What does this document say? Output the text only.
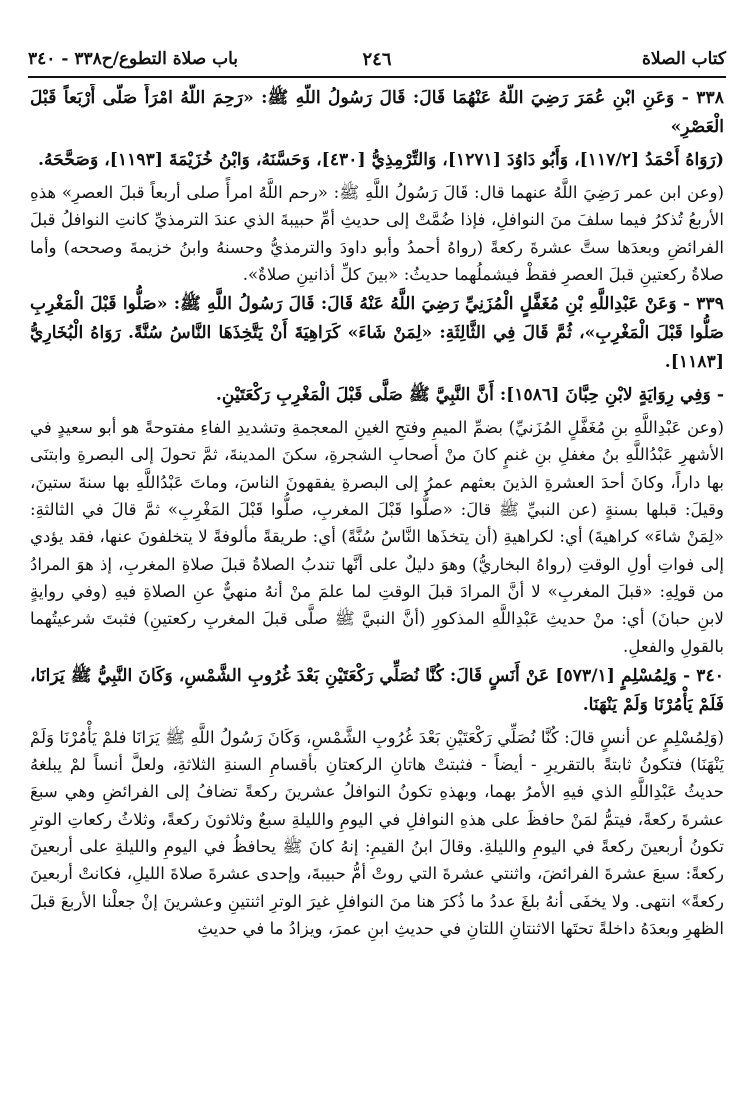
كتاب الصلاة
٢٤٦
باب صلاة التطوع/ح٣٣٨ - ٣٤٠

٣٣٨ - وَعَنِ ابْنِ عُمَرَ رَضِيَ اللَّهُ عَنْهُمَا قَالَ: قَالَ رَسُولُ اللَّهِ ﷺ: «رَحِمَ اللَّهُ امْرَأً صَلَّى أَرْبَعاً قَبْلَ الْعَصْرِ»

(رَوَاهُ أَحْمَدُ [١١٧/٢]، وَأَبُو دَاوُدَ [١٢٧١]، وَالتِّرْمِذِيُّ [٤٣٠]، وَحَسَّنَهُ، وَابْنُ خُزَيْمَةَ [١١٩٣]، وَصَحَّحَهُ.

(وعن ابن عمر رَضِيَ اللَّهُ عنهما قال: قَالَ رَسُولُ اللَّهِ ﷺ: «رحم اللَّهُ امرأً صلى أربعاً قبلَ العصرِ» هذهِ الأربعُ تُذكرُ فيما سلفَ منَ النوافلِ، فإذا ضُمَّتْ إلى حديثِ أمِّ حبيبةَ الذي عندَ الترمذيِّ كانتِ النوافلُ قبلَ الفرائضِ وبعدَها ستَّ عشرةَ ركعةً (رواهُ أحمدُ وأبو داودَ والترمذيُّ وحسنهُ وابنُ خزيمةَ وصححه) وأما صلاةُ ركعتينِ قبلَ العصرِ فقطْ فيشملُهما حديثُ: «بينَ كلِّ أذانينِ صلاةٌ».

٣٣٩ - وَعَنْ عَبْدِاللَّهِ بْنِ مُغَفَّلٍ الْمُزَنِيِّ رَضِيَ اللَّهُ عَنْهُ قَالَ: قَالَ رَسُولُ اللَّهِ ﷺ: «صَلُّوا قَبْلَ الْمَغْرِبِ صَلُّوا قَبْلَ الْمَغْرِبِ»، ثُمَّ قَالَ فِي الثَّالِثَةِ: «لِمَنْ شَاءَ» كَرَاهِيَةَ أَنْ يَتَّخِذَهَا النَّاسُ سُنَّةً. رَوَاهُ الْبُخَارِيُّ [١١٨٣].

- وَفِي رِوَايَةٍ لابْنِ حِبَّانَ [١٥٨٦]: أَنَّ النَّبِيَّ ﷺ صَلَّى قَبْلَ الْمَغْرِبِ رَكْعَتَيْنِ.

(وعن عَبْدِاللَّهِ بنِ مُغَفَّلٍ المُزَنيِّ) بضمِّ الميمِ وفتحِ الغينِ المعجمةِ وتشديدِ الفاءِ مفتوحةً هو أبو سعيدٍ في الأشهرِ عَبْدُاللَّهِ بنُ مغفلِ بنِ غنمٍ كانَ منْ أصحابِ الشجرةِ، سكنَ المدينةَ، ثمَّ تحولَ إلى البصرةِ وابتنَى بها داراً، وكانَ أحدَ العشرةِ الذينَ بعثهم عمرُ إلى البصرةِ يفقهونَ الناسَ، وماتَ عَبْدُاللَّهِ بها سنةَ ستينَ، وقيلَ: قبلها بسنةٍ (عن النبيِّ ﷺ قالَ: «صلُّوا قَبْلَ المغربِ، صلُّوا قَبْلَ المَغْرِبِ» ثمَّ قالَ في الثالثةِ: «لِمَنْ شاءَ» كراهيةَ) أي: لكراهيةِ (أن يتخذَها النَّاسُ سُنَّةً) أي: طريقةً مألوفةً لا يتخلفونَ عنها، فقد يؤدي إلى فواتِ أولِ الوقتِ (رواهُ البخاريُّ) وهوَ دليلٌ على أنَّها تندبُ الصلاةُ قبلَ صلاةِ المغربِ، إذ هوَ المرادُ من قولِهِ: «قبلَ المغربِ» لا أنَّ المرادَ قبلَ الوقتِ لما علمَ منْ أنهُ منهيٌّ عنِ الصلاةِ فيهِ (وفي روايةٍ لابنِ حبانَ) أي: منْ حديثِ عَبْدِاللَّهِ المذكورِ (أنَّ النبيَّ ﷺ صلَّى قبلَ المغربِ ركعتينِ) فثبتَ شرعيتُهما بالقولِ والفعلِ.

٣٤٠ - وَلِمُسْلِمٍ [٥٧٣/١] عَنْ أَنَسٍ قَالَ: كُنَّا نُصَلِّي رَكْعَتَيْنِ بَعْدَ غُرُوبِ الشَّمْسِ، وَكَانَ النَّبِيُّ ﷺ يَرَانَا، فَلَمْ يَأْمُرْنَا وَلَمْ يَنْهَنَا.

(وَلِمُسْلِمٍ عن أنسٍ قالَ: كُنَّا نُصَلِّي رَكْعَتَيْنِ بَعْدَ غُرُوبِ الشَّمْسِ، وَكَانَ رَسُولُ اللَّهِ ﷺ يَرَانَا فلمْ يَأْمُرْنَا وَلَمْ يَنْهَنَا) فتكونُ ثابتةً بالتقريرِ - أيضاً - فثبتتْ هاتانِ الركعتانِ بأقسامِ السنةِ الثلاثةِ، ولعلَّ أنساً لمْ يبلغهُ حديثُ عَبْدِاللَّهِ الذي فيهِ الأمرُ بهما، وبهذهِ تكونُ النوافلُ عشرينَ ركعةً تضافُ إلى الفرائضِ وهي سبعَ عشرةَ ركعةً، فيتمُّ لمَنْ حافظَ على هذهِ النوافلِ في اليومِ والليلةِ سبعٌ وثلاثونَ ركعةً، وثلاثُ ركعاتِ الوترِ تكونُ أربعينَ ركعةً في اليومِ والليلةِ. وقالَ ابنُ القيمِ: إنهُ كانَ ﷺ يحافظُ في اليومِ والليلةِ على أربعينَ ركعةً: سبعَ عشرةَ الفرائضَ، واثنتي عشرةَ التي روتْ أمُّ حبيبةَ، وإحدى عشرةَ صلاةَ الليلِ، فكانتْ أربعينَ ركعةً» انتهى. ولا يخفَى أنهُ بلغَ عددُ ما ذُكرَ هنا منَ النوافلِ غيرَ الوترِ اثنتينِ وعشرينَ إنْ جعلْنا الأربعَ قبلَ الظهرِ وبعدَهُ داخلةً تحتَها الاثنتانِ اللتانِ في حديثِ ابنِ عمرَ، ويزادُ ما في حديثِ
